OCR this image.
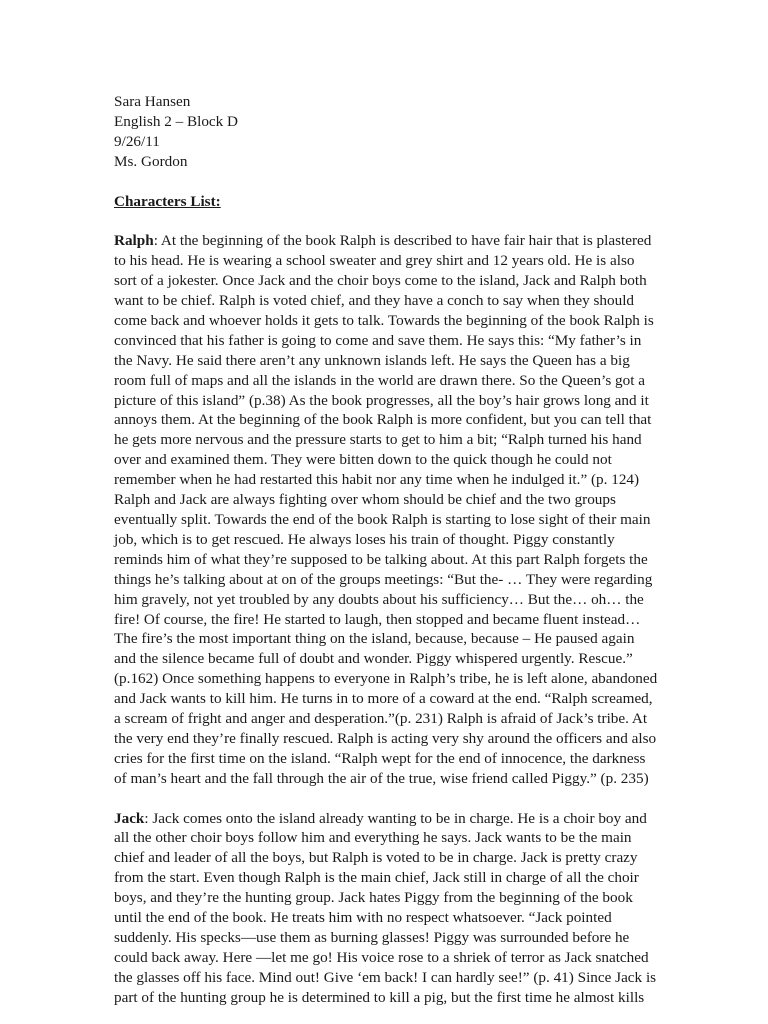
Sara Hansen
English 2 – Block D
9/26/11
Ms. Gordon
Characters List:

Ralph: At the beginning of the book Ralph is described to have fair hair that is plastered to his head. He is wearing a school sweater and grey shirt and 12 years old. He is also sort of a jokester. Once Jack and the choir boys come to the island, Jack and Ralph both want to be chief. Ralph is voted chief, and they have a conch to say when they should come back and whoever holds it gets to talk. Towards the beginning of the book Ralph is convinced that his father is going to come and save them. He says this: “My father’s in the Navy. He said there aren’t any unknown islands left. He says the Queen has a big room full of maps and all the islands in the world are drawn there. So the Queen’s got a picture of this island” (p.38) As the book progresses, all the boy’s hair grows long and it annoys them. At the beginning of the book Ralph is more confident, but you can tell that he gets more nervous and the pressure starts to get to him a bit; “Ralph turned his hand over and examined them. They were bitten down to the quick though he could not remember when he had restarted this habit nor any time when he indulged it.” (p. 124) Ralph and Jack are always fighting over whom should be chief and the two groups eventually split. Towards the end of the book Ralph is starting to lose sight of their main job, which is to get rescued. He always loses his train of thought. Piggy constantly reminds him of what they’re supposed to be talking about. At this part Ralph forgets the things he’s talking about at on of the groups meetings: “But the- … They were regarding him gravely, not yet troubled by any doubts about his sufficiency… But the… oh… the fire! Of course, the fire! He started to laugh, then stopped and became fluent instead… The fire’s the most important thing on the island, because, because – He paused again and the silence became full of doubt and wonder. Piggy whispered urgently. Rescue.” (p.162) Once something happens to everyone in Ralph’s tribe, he is left alone, abandoned and Jack wants to kill him. He turns in to more of a coward at the end. “Ralph screamed, a scream of fright and anger and desperation.”(p. 231) Ralph is afraid of Jack’s tribe. At the very end they’re finally rescued. Ralph is acting very shy around the officers and also cries for the first time on the island. “Ralph wept for the end of innocence, the darkness of man’s heart and the fall through the air of the true, wise friend called Piggy.” (p. 235)

Jack: Jack comes onto the island already wanting to be in charge. He is a choir boy and all the other choir boys follow him and everything he says. Jack wants to be the main chief and leader of all the boys, but Ralph is voted to be in charge. Jack is pretty crazy from the start. Even though Ralph is the main chief, Jack still in charge of all the choir boys, and they’re the hunting group. Jack hates Piggy from the beginning of the book until the end of the book. He treats him with no respect whatsoever. “Jack pointed suddenly. His specks—use them as burning glasses! Piggy was surrounded before he could back away. Here —let me go! His voice rose to a shriek of terror as Jack snatched the glasses off his face. Mind out! Give ‘em back! I can hardly see!” (p. 41) Since Jack is part of the hunting group he is determined to kill a pig, but the first time he almost kills
